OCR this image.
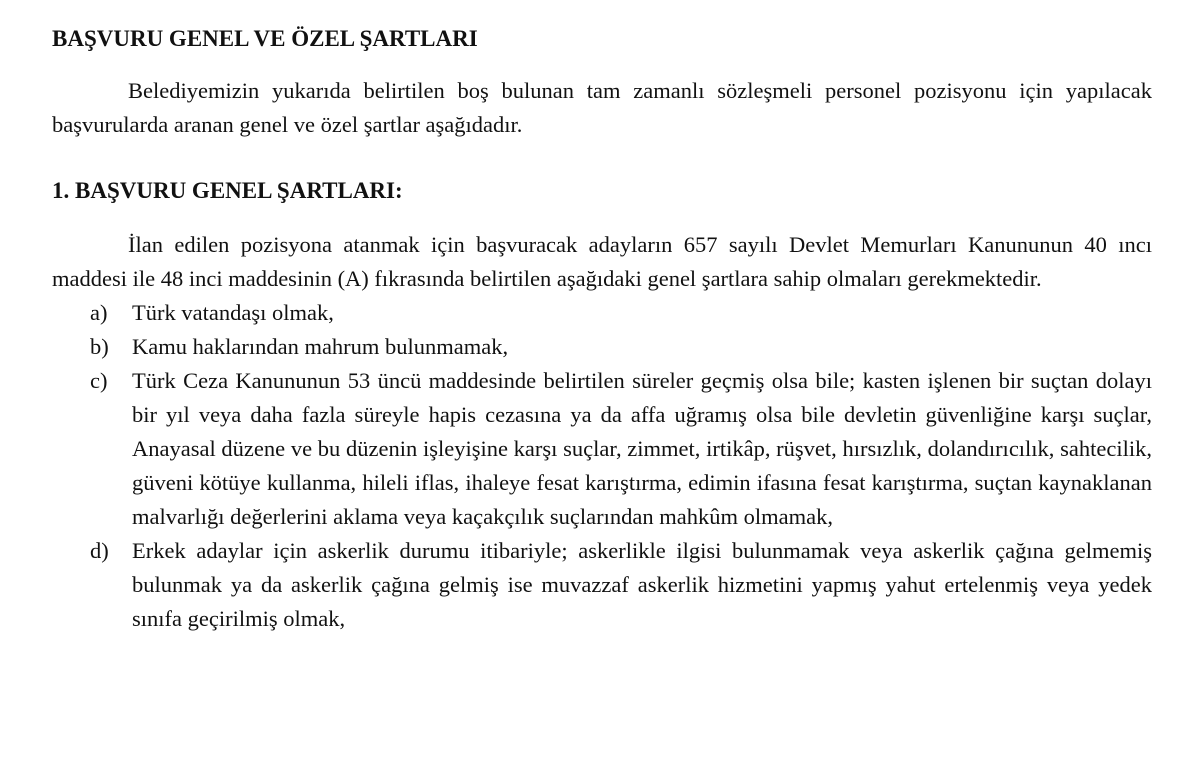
BAŞVURU GENEL VE ÖZEL ŞARTLARI

Belediyemizin yukarıda belirtilen boş bulunan tam zamanlı sözleşmeli personel pozisyonu için yapılacak başvurularda aranan genel ve özel şartlar aşağıdadır.

1. BAŞVURU GENEL ŞARTLARI:

İlan edilen pozisyona atanmak için başvuracak adayların 657 sayılı Devlet Memurları Kanununun 40 ıncı maddesi ile 48 inci maddesinin (A) fıkrasında belirtilen aşağıdaki genel şartlara sahip olmaları gerekmektedir.

a) Türk vatandaşı olmak,
b) Kamu haklarından mahrum bulunmamak,
c) Türk Ceza Kanununun 53 üncü maddesinde belirtilen süreler geçmiş olsa bile; kasten işlenen bir suçtan dolayı bir yıl veya daha fazla süreyle hapis cezasına ya da affa uğramış olsa bile devletin güvenliğine karşı suçlar, Anayasal düzene ve bu düzenin işleyişine karşı suçlar, zimmet, irtikâp, rüşvet, hırsızlık, dolandırıcılık, sahtecilik, güveni kötüye kullanma, hileli iflas, ihaleye fesat karıştırma, edimin ifasına fesat karıştırma, suçtan kaynaklanan malvarlığı değerlerini aklama veya kaçakçılık suçlarından mahkûm olmamak,
d) Erkek adaylar için askerlik durumu itibariyle; askerlikle ilgisi bulunmamak veya askerlik çağına gelmemiş bulunmak ya da askerlik çağına gelmiş ise muvazzaf askerlik hizmetini yapmış yahut ertelenmiş veya yedek sınıfa geçirilmiş olmak,
